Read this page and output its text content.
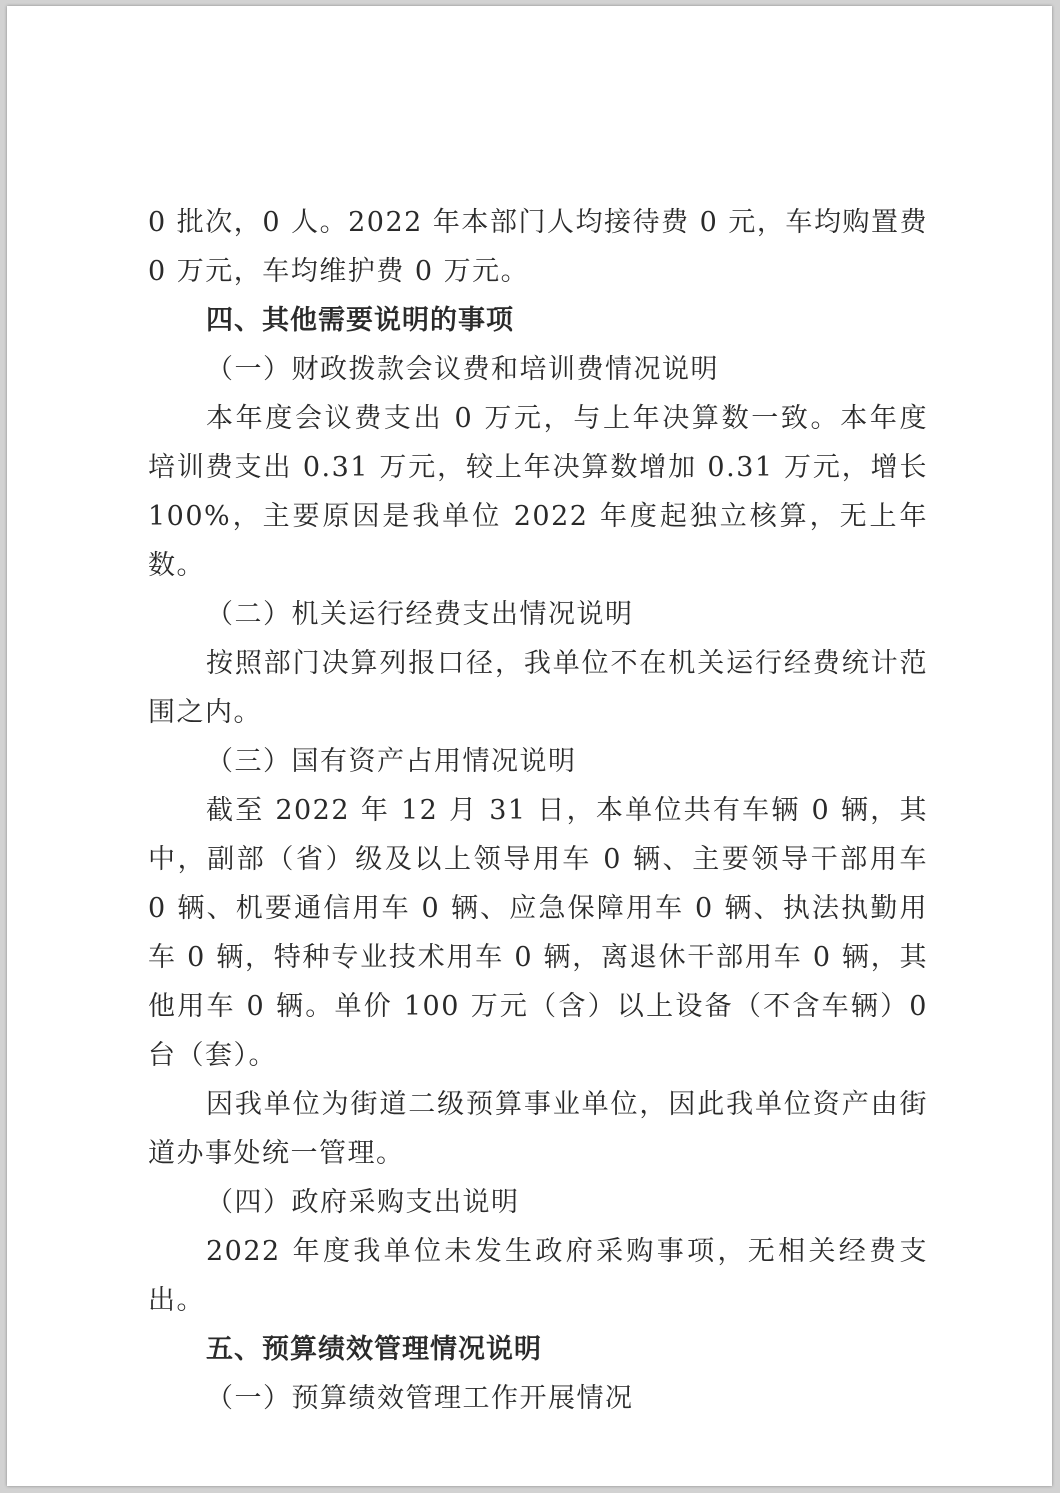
0 批次，0 人。2022 年本部门人均接待费 0 元，车均购置费 0 万元，车均维护费 0 万元。

四、其他需要说明的事项

（一）财政拨款会议费和培训费情况说明

本年度会议费支出 0 万元，与上年决算数一致。本年度培训费支出 0.31 万元，较上年决算数增加 0.31 万元，增长 100%，主要原因是我单位 2022 年度起独立核算，无上年数。

（二）机关运行经费支出情况说明

按照部门决算列报口径，我单位不在机关运行经费统计范围之内。

（三）国有资产占用情况说明

截至 2022 年 12 月 31 日，本单位共有车辆 0 辆，其中，副部（省）级及以上领导用车 0 辆、主要领导干部用车 0 辆、机要通信用车 0 辆、应急保障用车 0 辆、执法执勤用车 0 辆，特种专业技术用车 0 辆，离退休干部用车 0 辆，其他用车 0 辆。单价 100 万元（含）以上设备（不含车辆）0 台（套）。

因我单位为街道二级预算事业单位，因此我单位资产由街道办事处统一管理。

（四）政府采购支出说明

2022 年度我单位未发生政府采购事项，无相关经费支出。

五、预算绩效管理情况说明

（一）预算绩效管理工作开展情况
